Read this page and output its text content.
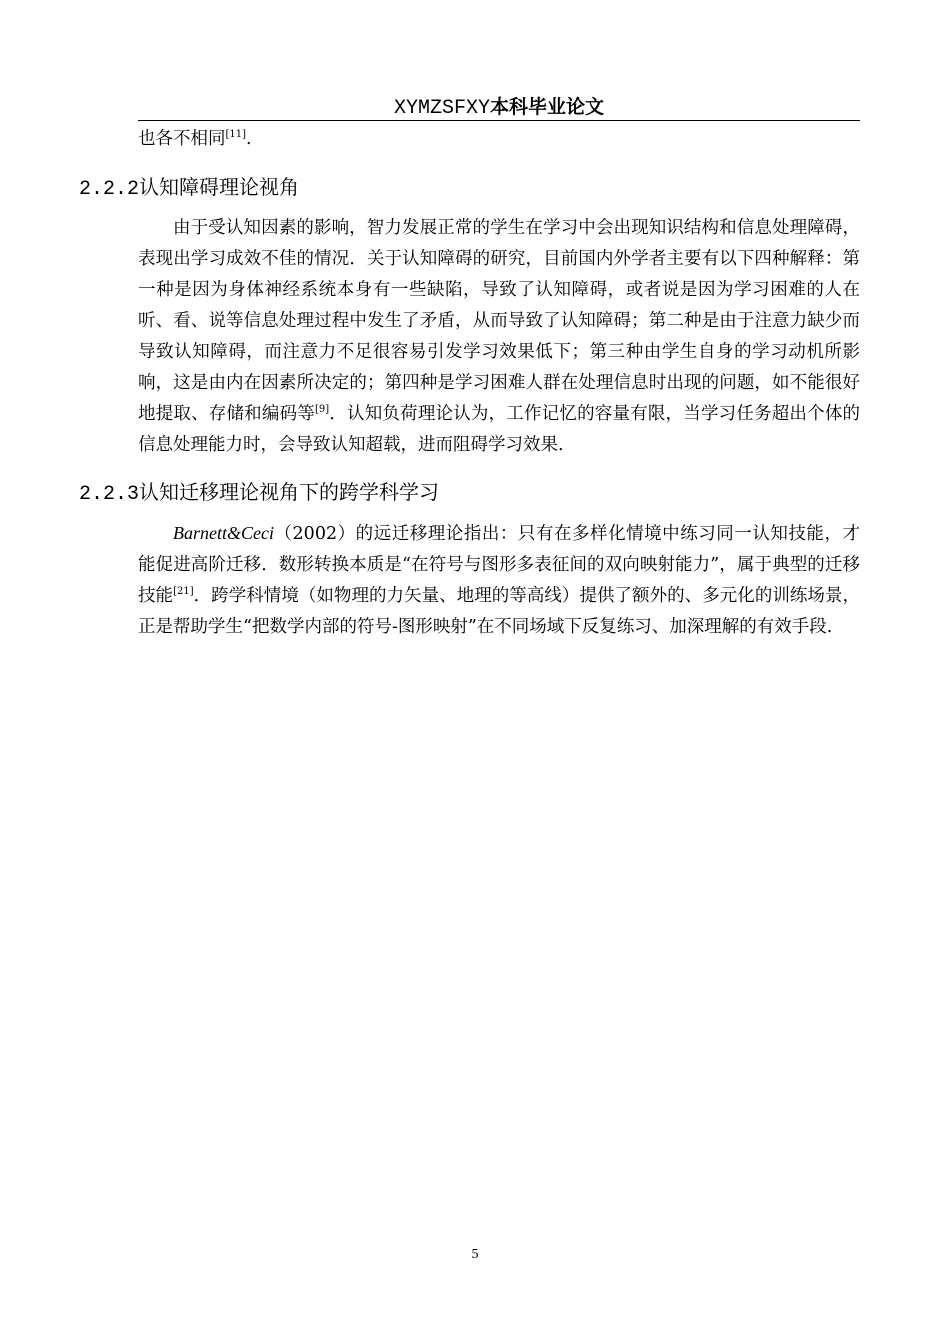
XYMZSFXY本科毕业论文

也各不相同[11].

2.2.2认知障碍理论视角

由于受认知因素的影响，智力发展正常的学生在学习中会出现知识结构和信息处理障碍，表现出学习成效不佳的情况．关于认知障碍的研究，目前国内外学者主要有以下四种解释：第一种是因为身体神经系统本身有一些缺陷，导致了认知障碍，或者说是因为学习困难的人在听、看、说等信息处理过程中发生了矛盾，从而导致了认知障碍；第二种是由于注意力缺少而导致认知障碍，而注意力不足很容易引发学习效果低下；第三种由学生自身的学习动机所影响，这是由内在因素所决定的；第四种是学习困难人群在处理信息时出现的问题，如不能很好地提取、存储和编码等[9]．认知负荷理论认为，工作记忆的容量有限，当学习任务超出个体的信息处理能力时，会导致认知超载，进而阻碍学习效果.

2.2.3认知迁移理论视角下的跨学科学习

Barnett&Ceci（2002）的远迁移理论指出：只有在多样化情境中练习同一认知技能，才能促进高阶迁移．数形转换本质是“在符号与图形多表征间的双向映射能力”，属于典型的迁移技能[21]．跨学科情境（如物理的力矢量、地理的等高线）提供了额外的、多元化的训练场景，正是帮助学生“把数学内部的符号-图形映射”在不同场域下反复练习、加深理解的有效手段.

5
